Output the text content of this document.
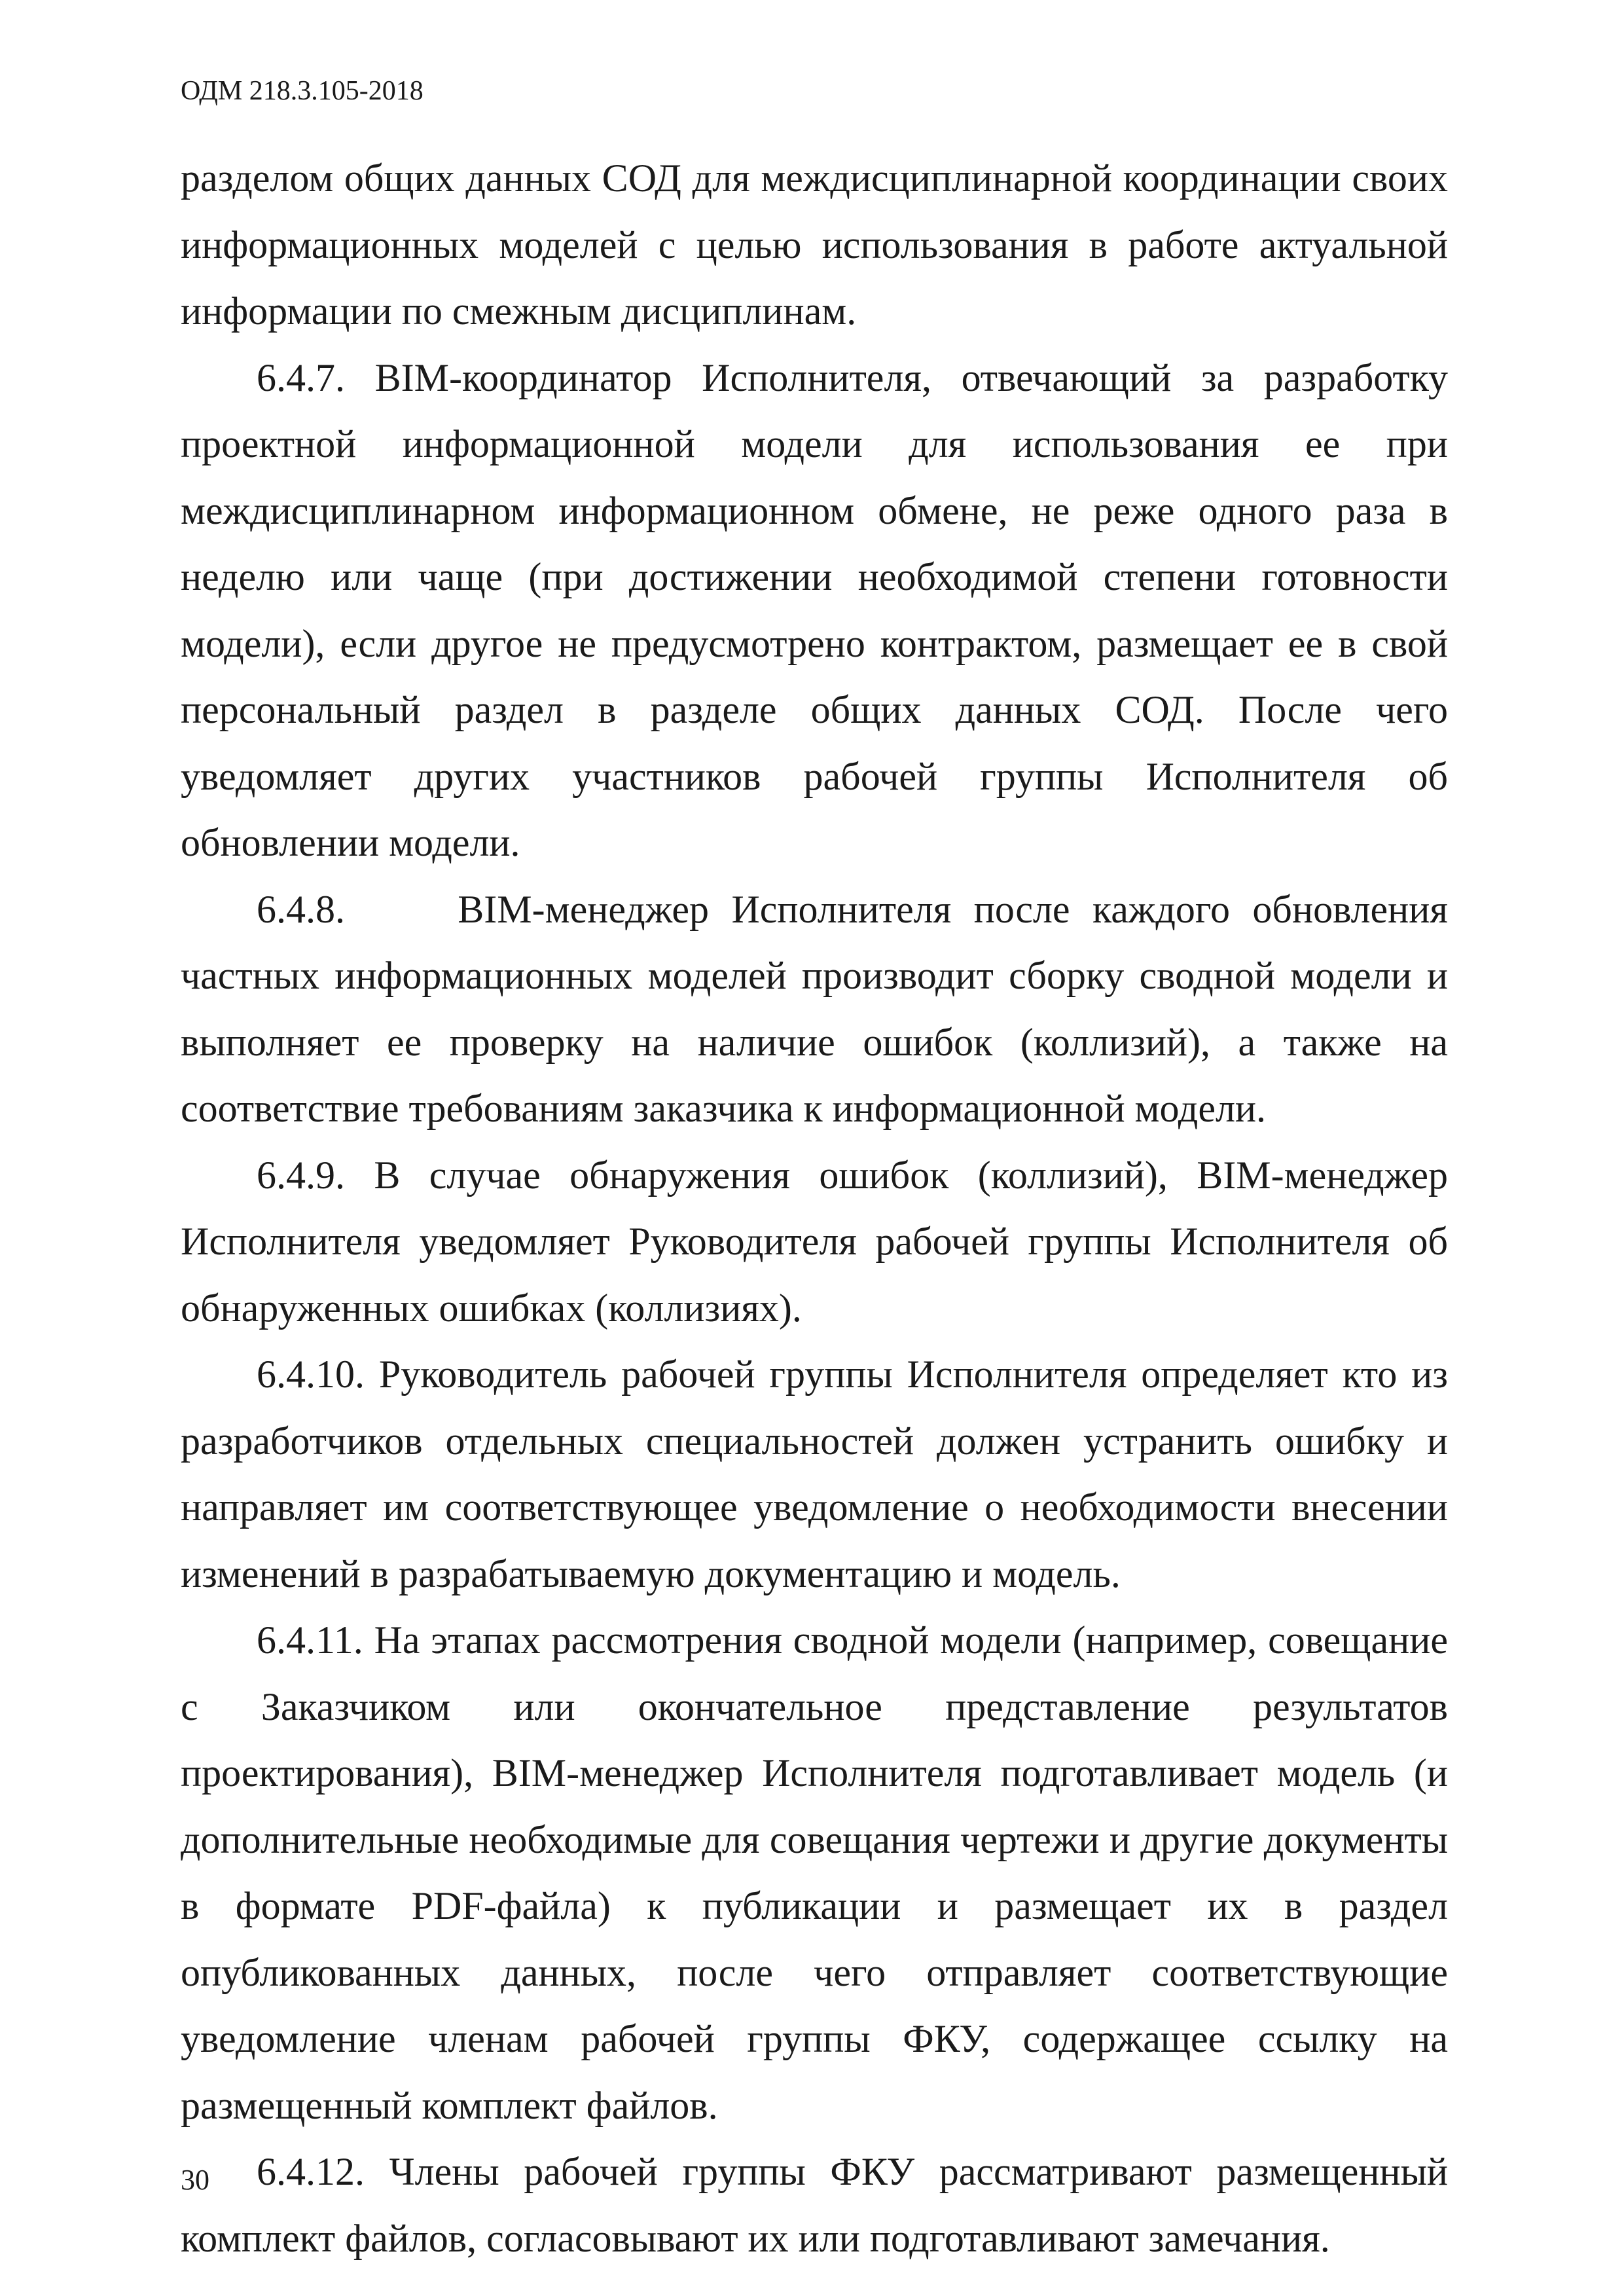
ОДМ 218.3.105-2018

разделом общих данных СОД для междисциплинарной координации своих информационных моделей с целью использования в работе актуальной информации по смежным дисциплинам.

6.4.7. BIM-координатор Исполнителя, отвечающий за разработку проектной информационной модели для использования ее при междисциплинарном информационном обмене, не реже одного раза в неделю или чаще (при достижении необходимой степени готовности модели), если другое не предусмотрено контрактом, размещает ее в свой персональный раздел в разделе общих данных СОД. После чего уведомляет других участников рабочей группы Исполнителя об обновлении модели.

6.4.8.     BIM-менеджер Исполнителя после каждого обновления частных информационных моделей производит сборку сводной модели и выполняет ее проверку на наличие ошибок (коллизий), а также на соответствие требованиям заказчика к информационной модели.

6.4.9. В случае обнаружения ошибок (коллизий), BIM-менеджер Исполнителя уведомляет Руководителя рабочей группы Исполнителя об обнаруженных ошибках (коллизиях).

6.4.10. Руководитель рабочей группы Исполнителя определяет кто из разработчиков отдельных специальностей должен устранить ошибку и направляет им соответствующее уведомление о необходимости внесении изменений в разрабатываемую документацию и модель.

6.4.11. На этапах рассмотрения сводной модели (например, совещание с Заказчиком или окончательное представление результатов проектирования), BIM-менеджер Исполнителя подготавливает модель (и дополнительные необходимые для совещания чертежи и другие документы в формате PDF-файла) к публикации и размещает их в раздел опубликованных данных, после чего отправляет соответствующие уведомление членам рабочей группы ФКУ, содержащее ссылку на размещенный комплект файлов.

6.4.12. Члены рабочей группы ФКУ рассматривают размещенный комплект файлов, согласовывают их или подготавливают замечания.

30
